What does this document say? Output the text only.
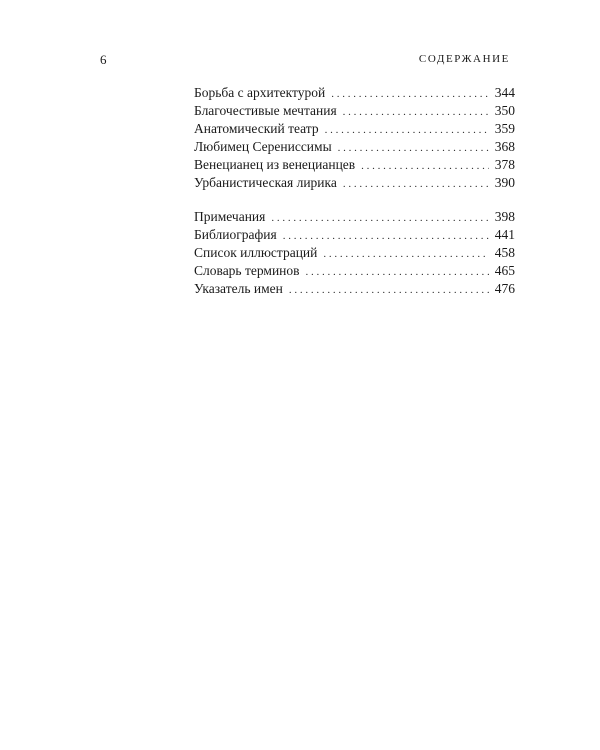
6	СОДЕРЖАНИЕ
Борьба с архитектурой . . .	344
Благочестивые мечтания . . .	350
Анатомический театр . . .	359
Любимец Серениссимы . . .	368
Венецианец из венецианцев . . .	378
Урбанистическая лирика . . .	390
Примечания . . .	398
Библиография . . .	441
Список иллюстраций . . .	458
Словарь терминов . . .	465
Указатель имен . . .	476
